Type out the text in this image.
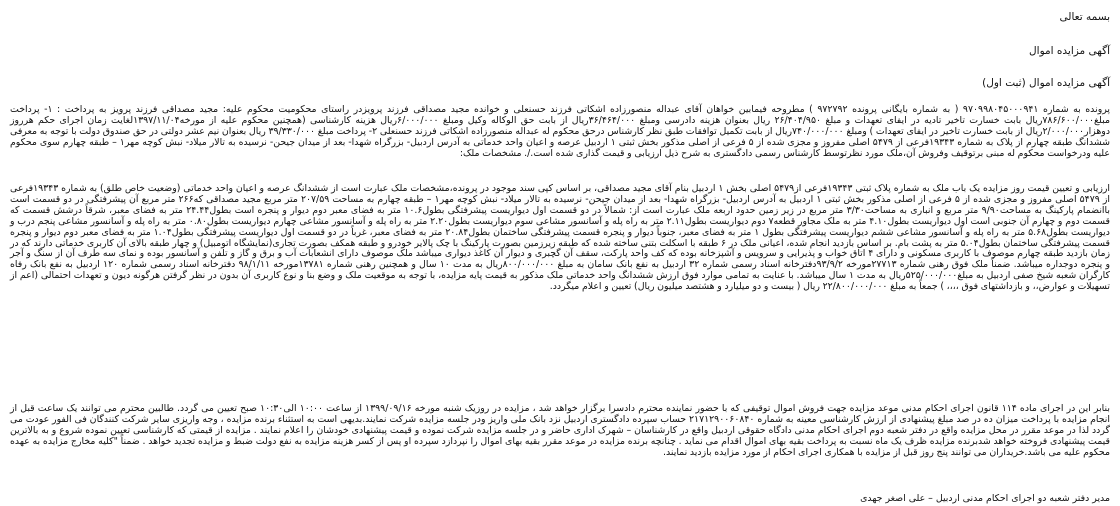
بسمه تعالی

آگهی مزایده اموال

آگهی مزایده اموال (ثبت اول)

پرونده به شماره ۹۷۰۹۹۸۰۴۵۰۰۰۹۴۱ ( به شماره بایگانی پرونده ۹۷۲۷۹۲ ) مطروحه فیمابین خواهان آقای عبداله منصورزاده اشکاتی فرزند حسنعلی و خوانده مجید مصداقی فرزند پرویزدر راستای محکومیت محکوم علیه: مجید مصداقی فرزند پرویز به پرداخت : ۱- پرداخت مبلغ۷۸۶/۶۰۰/۰۰۰ریال بابت خسارت تاخیر تادیه در ایفای تعهدات و مبلغ ۲۶/۴۰۴/۹۵۰ ریال بعنوان هزینه دادرسی ومبلغ ۳۶/۴۶۴/۰۰۰ریال از بابت حق الوکاله وکیل ومبلغ ۶/۰۰۰/۰۰۰ریال هزینه کارشناسی (همچنین محکوم علیه از مورخه۱۳۹۷/۱۱/۰۴لغایت زمان اجرای حکم هرروز دوهزار۲/۰۰۰/۰۰۰ریال از بابت خسارت تاخیر در ایفای تعهدات ) ومبلغ ۷۴۰/۰۰۰/۰۰۰ریال از بابت تکمیل توافقات طبق نظر کارشناس درحق محکوم له عبداله منصورزاده اشکاتی فرزند حسنعلی ۲- پرداخت مبلغ ۳۹/۳۳۰/۰۰۰ ریال بعنوان نیم عشر دولتی در حق صندوق دولت با توجه به معرفی ششدانگ طبقه چهارم از پلاک به شماره ۱۹۳۴۳فرعی از ۵۴۷۹ اصلی مفروز و مجزی شده از ۵ فرعی از اصلی مذکور بخش ثبتی ۱ اردبیل عرصه و اعیان واحد خدماتی به آدرس اردبیل- بزرگراه شهدا- بعد از میدان جیحن- نرسیده به تالار میلاد- نبش کوچه مهر۱ – طبقه چهارم سوی محکوم علیه ودرخواست محکوم له مبنی برتوقیف وفروش آن،ملک مورد نظرتوسط کارشناس رسمی دادگستری به شرح ذیل ارزیابی و قیمت گذاری شده است./. مشخصات ملک:

ارزیابی و تعیین قیمت روز مزایده یک باب ملک به شماره پلاک ثبتی ۱۹۳۴۳فرعی از۵۴۷۹ اصلی بخش ۱ اردبیل بنام آقای مجید مصداقی، بر اساس کپی سند موجود در پرونده،مشخصات ملک عبارت است از ششدانگ عرصه و اعیان واحد خدماتی (وضعیت خاص طلق) به شماره ۱۹۳۴۳فرعی از ۵۴۷۹ اصلی مفروز و مجزی شده از ۵ فرعی از اصلی مذکور بخش ثبتی ۱ اردبیل به آدرس اردبیل- بزرگراه شهدا- بعد از میدان جیحن- نرسیده به تالار میلاد- نبش کوچه مهر۱ – طبقه چهارم به مساحت ۲۰۷/۵۹ متر مربع مجید مصداقی که۲۶۶ متر مربع آن پیشرفتگی در دو قسمت است باانضمام پارکینگ به مساحت۹/۹۰ متر مربع و انباری به مساحت۳/۳۰ متر مربع در زیر زمین حدود اربعه ملک عبارت است از: شمالاً در دو قسمت اول دیواریست پیشرفتگی بطول۱۰.۶ متر به فضای معبر دوم دیوار و پنجره است بطول۲۴.۴۴ متر به فضای معبر، شرقاً درشش قسمت که قسمت دوم و چهارم آن جنوبی است اول دیواریست بطول۴.۱۰ متر به ملک مجاور قطعه۷ دوم دیواریست بطول۲.۱۱ متر به راه پله و آسانسور مشاعی سوم دیواریست بطول۲.۲۰ متر به راه پله و آسانسور مشاعی چهارم دیواریست بطول۰.۸۰ متر به راه پله و آسانسور مشاعی پنجم درب و دیواریست بطول۵.۶۸ متر به راه پله و آسانسور مشاعی ششم دیواریست پیشرفتگی بطول ۱ متر به فضای معبر، جنوباً دیوار و پنجره قسمت پیشرفتگی ساختمان بطول۲۰.۸۴ متر به فضای معبر، غرباً در دو قسمت اول دیواریست پیشرفتگی بطول۱.۰۴ متر به فضای معبر دوم دیوار و پنجره قسمت پیشرفتگی ساختمان بطول۵.۰۴ متر به پشت بام. بر اساس بازدید انجام شده، اعیانی ملک در ۶ طبقه با اسکلت بتنی ساخته شده که طبقه زیرزمین بصورت پارکینگ با چک پالایر خودرو و طبقه همکف بصورت تجاری(نمایشگاه اتومبیل) و چهار طبقه بالای آن کاربری خدماتی دارند که در زمان بازدید طبقه چهارم موصوف با کاربری مسکونی و دارای ۴ اتاق خواب و پذیرایی و سرویس و آشپزخانه بوده که کف واحد پارکت، سقف آن گچبری و دیوار آن کاغذ دیواری میباشد ملک موصوف دارای انشعابات آب و برق و گاز و تلفن و آسانسور بوده و نمای سه طرف آن از سنگ و آجر و پنجره دوجداره میباشد. ضمناً ملک فوق رهنی شماره ۲۷۷۱۳مورخه ۹۳/۹/۲دفترخانه اسناد رسمی شماره ۳۲ اردبیل به نفع بانک سامان به مبلغ ۸۰۰/۰۰۰/۰۰۰ریال به مدت ۱۰ سال و همچنین رهنی شماره ۱۳۷۸۱مورخه ۹۸/۱/۱۱ دفترخانه اسناد رسمی شماره ۱۲۰ اردبیل به نفع بانک رفاه کارگران شعبه شیخ صفی اردبیل به مبلغ۵۲۵/۰۰۰/۰۰۰ریال به مدت ۱ سال میباشد. با عنایت به تمامی موارد فوق ارزش ششدانگ واحد خدماتی ملک مذکور به قیمت پایه مزایده، با توجه به موقعیت ملک و وضع بنا و نوع کاربری آن بدون در نظر گرفتن هرگونه دیون و تعهدات احتمالی (اعم از تسهیلات و عوارض،، و بازداشتهای فوق ،،،، ) جمعاً به مبلغ ۲۲/۸۰۰/۰۰۰/۰۰۰ ریال ( بیست و دو میلیارد و هشتصد میلیون ریال) تعیین و اعلام میگردد.

بنابر این در اجرای ماده ۱۱۴ قانون اجرای احکام مدنی موعد مزایده جهت فروش اموال توقیفی که با حضور نماینده محترم دادسرا برگزار خواهد شد ، مزایده در روزیک شنبه مورخه ۱۳۹۹/۰۹/۱۶ از ساعت ۱۰:۰۰ الی۱۰:۳۰ صبح تعیین می گردد. طالبین محترم می توانند یک ساعت قبل از انجام مزایده با پرداخت میزان ده در صد مبلغ پیشنهادی از ارزش کارشناسی معینه به شماره ۲۱۷۱۲۹۰۰۶۰۸۴۰ حساب سپرده دادگستری اردبیل نزد بانک ملی واریز ودر جلسه مزایده شرکت نمایند.بدیهی است به استثناء برنده مزایده ، وجه واریزی سایر شرکت کنندگان فی الفور عودت می گردد لذا در موعد مقرر در محل مزایده واقع در دفتر شعبه دوم اجرای احکام مدنی دادگاه حقوقی اردبیل واقع در کارشناسان – شهرک اداری حاضر و در جلسه مزایده شرکت نموده و قیمت پیشنهادی خودشان را اعلام نمایند . مزایده از قیمتی که کارشناسی تعیین نموده شروع و به بالاترین قیمت پیشنهادی فروخته خواهد شدبرنده مزایده ظرف یک ماه نسبت به پرداخت بقیه بهای اموال اقدام می نماید . چنانچه برنده مزایده در موعد مقرر بقیه بهای اموال را نپردازد سپرده او پس از کسر هزینه مزایده به نفع دولت ضبط و مزایده تجدید خواهد . ضمناً "کلیه مخارج مزایده به عهده محکوم علیه می باشد.خریداران می توانند پنج روز قبل از مزایده با همکاری اجرای احکام از مورد مزایده بازدید نمایند.

مدیر دفتر شعبه دو اجرای احکام مدنی اردبیل – علی اصغر جهدی
